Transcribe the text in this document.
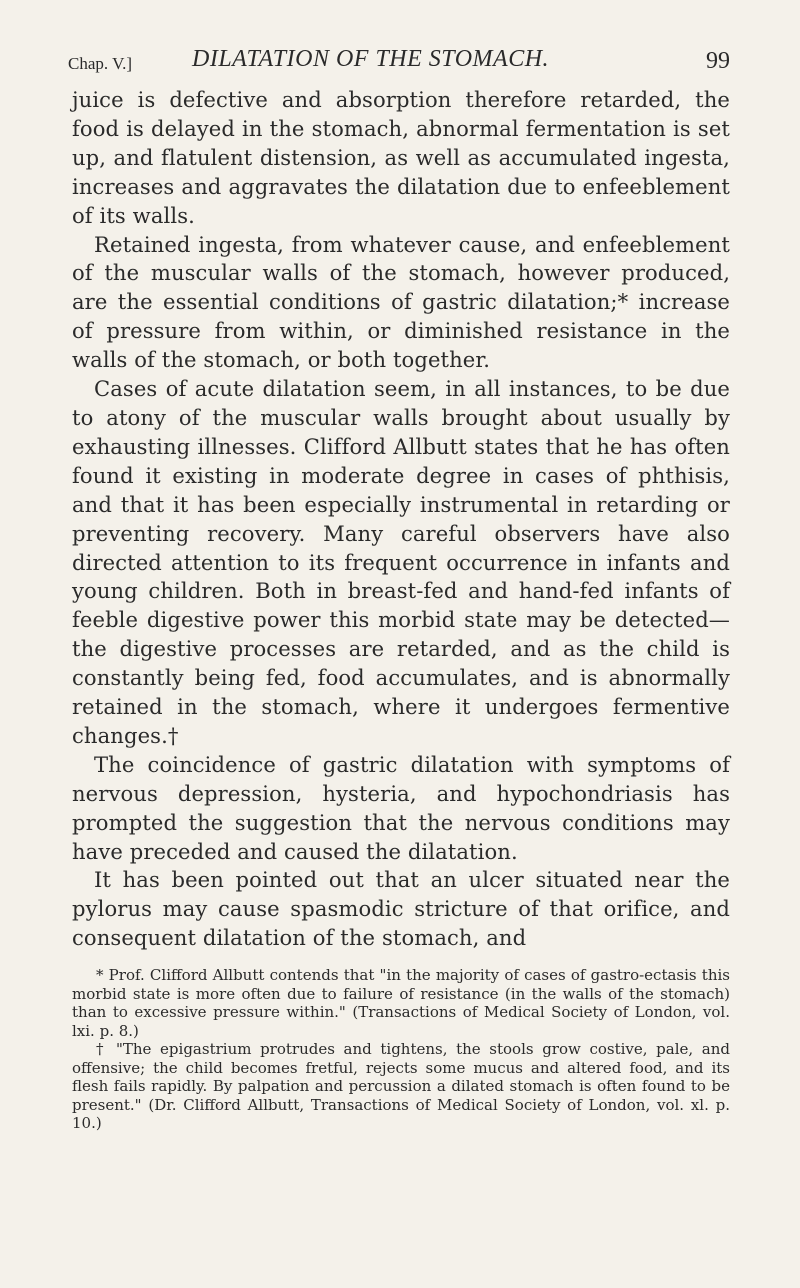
Chap. V.] DILATATION OF THE STOMACH.	99

juice is defective and absorption therefore retarded, the food is delayed in the stomach, abnormal fermentation is set up, and flatulent distension, as well as accumulated ingesta, increases and aggravates the dilatation due to enfeeblement of its walls.

Retained ingesta, from whatever cause, and enfeeblement of the muscular walls of the stomach, however produced, are the essential conditions of gastric dilatation;* increase of pressure from within, or diminished resistance in the walls of the stomach, or both together.

Cases of acute dilatation seem, in all instances, to be due to atony of the muscular walls brought about usually by exhausting illnesses. Clifford Allbutt states that he has often found it existing in moderate degree in cases of phthisis, and that it has been especially instrumental in retarding or preventing recovery. Many careful observers have also directed attention to its frequent occurrence in infants and young children. Both in breast-fed and hand-fed infants of feeble digestive power this morbid state may be detected—the digestive processes are retarded, and as the child is constantly being fed, food accumulates, and is abnormally retained in the stomach, where it undergoes fermentive changes.†

The coincidence of gastric dilatation with symptoms of nervous depression, hysteria, and hypochondriasis has prompted the suggestion that the nervous conditions may have preceded and caused the dilatation.

It has been pointed out that an ulcer situated near the pylorus may cause spasmodic stricture of that orifice, and consequent dilatation of the stomach, and

* Prof. Clifford Allbutt contends that "in the majority of cases of gastro-ectasis this morbid state is more often due to failure of resistance (in the walls of the stomach) than to excessive pressure within." (Transactions of Medical Society of London, vol. lxi. p. 8.)

† "The epigastrium protrudes and tightens, the stools grow costive, pale, and offensive; the child becomes fretful, rejects some mucus and altered food, and its flesh fails rapidly. By palpation and percussion a dilated stomach is often found to be present." (Dr. Clifford Allbutt, Transactions of Medical Society of London, vol. xl. p. 10.)
